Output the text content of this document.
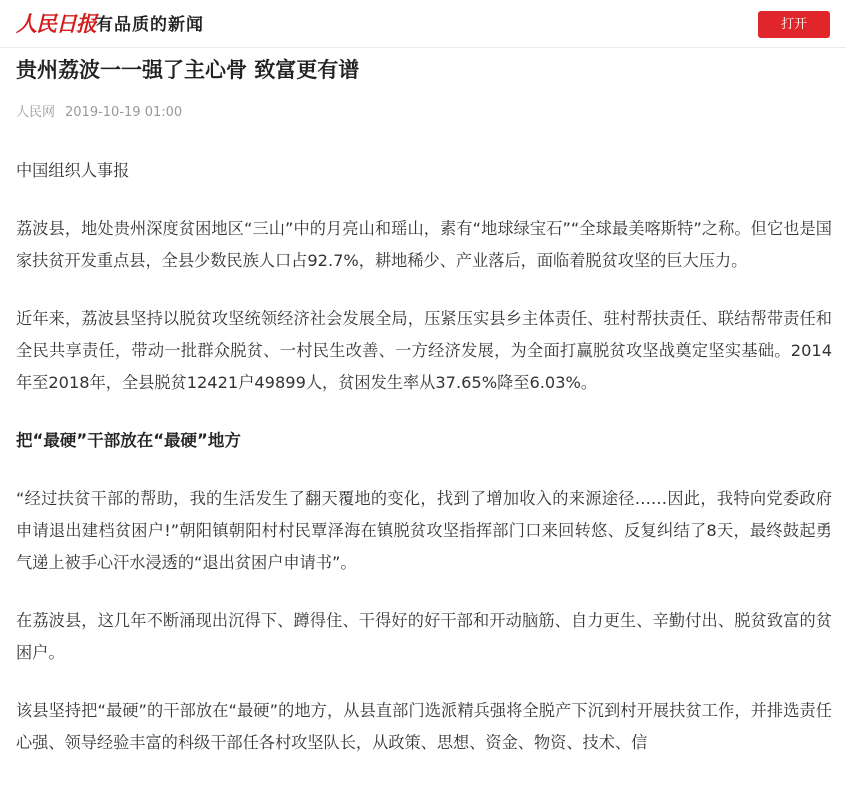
人民日报 有品质的新闻	打开
贵州荔波一一强了主心骨 致富更有谱
人民网 2019-10-19 01:00

中国组织人事报

荔波县，地处贵州深度贫困地区“三山”中的月亮山和瑶山，素有“地球绿宝石”“全球最美喀斯特”之称。但它也是国家扶贫开发重点县，全县少数民族人口占92.7%，耕地稀少、产业落后，面临着脱贫攻坚的巨大压力。

近年来，荔波县坚持以脱贫攻坚统领经济社会发展全局，压紧压实县乡主体责任、驻村帮扶责任、联结帮带责任和全民共享责任，带动一批群众脱贫、一村民生改善、一方经济发展，为全面打赢脱贫攻坚战奠定坚实基础。2014年至2018年，全县脱贫12421户49899人，贫困发生率从37.65%降至6.03%。

把“最硬”干部放在“最硬”地方

“经过扶贫干部的帮助，我的生活发生了翻天覆地的变化，找到了增加收入的来源途径……因此，我特向党委政府申请退出建档贫困户!”朝阳镇朝阳村村民覃泽海在镇脱贫攻坚指挥部门口来回转悠、反复纠结了8天，最终鼓起勇气递上被手心汗水浸透的“退出贫困户申请书”。

在荔波县，这几年不断涌现出沉得下、蹲得住、干得好的好干部和开动脑筋、自力更生、辛勤付出、脱贫致富的贫困户。

该县坚持把“最硬”的干部放在“最硬”的地方，从县直部门选派精兵强将全脱产下沉到村开展扶贫工作，并排选责任心强、领导经验丰富的科级干部任各村攻坚队长，从政策、思想、资金、物资、技术、信
